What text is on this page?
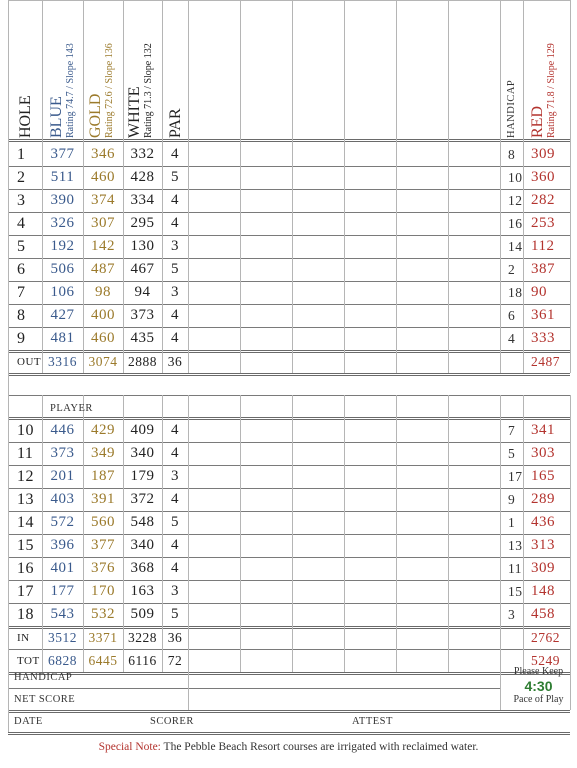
HOLE BLUE Rating 74.7 / Slope 143 GOLD Rating 72.6 / Slope 136 WHITE Rating 71.3 / Slope 132 PAR	HANDICAP RED Rating 71.8 / Slope 129
1	377	346	332	4	8	309
2	511	460	428	5	10 360
3	390	374	334	4	12 282
4	326	307	295	4	16 253
5	192	142	130	3	14 112
6	506	487	467	5	2	387
7	106	98	94	3	18 90
8	427	400	373	4	6	361
9	481	460	435	4	4	333
OUT 3316 3074 2888 36	2487
10	446	429	409	4	7	341
11	373	349	340	4	5	303
12	201	187	179	3	17 165
13	403	391	372	4	9	289
14	572	560	548	5	1	436
15	396	377	340	4	13 313
16	401	376	368	4	11 309
17	177	170	163	3	15 148
18	543	532	509	5	3	458
IN	3512 3371 3228 36	2762
TOT 6828 6445 6116 72	5249
PLAYER
HANDICAP
NET SCORE
DATE	SCORER	ATTEST
Please Keep
4:30
Pace of Play
Special Note: The Pebble Beach Resort courses are irrigated with reclaimed water.
